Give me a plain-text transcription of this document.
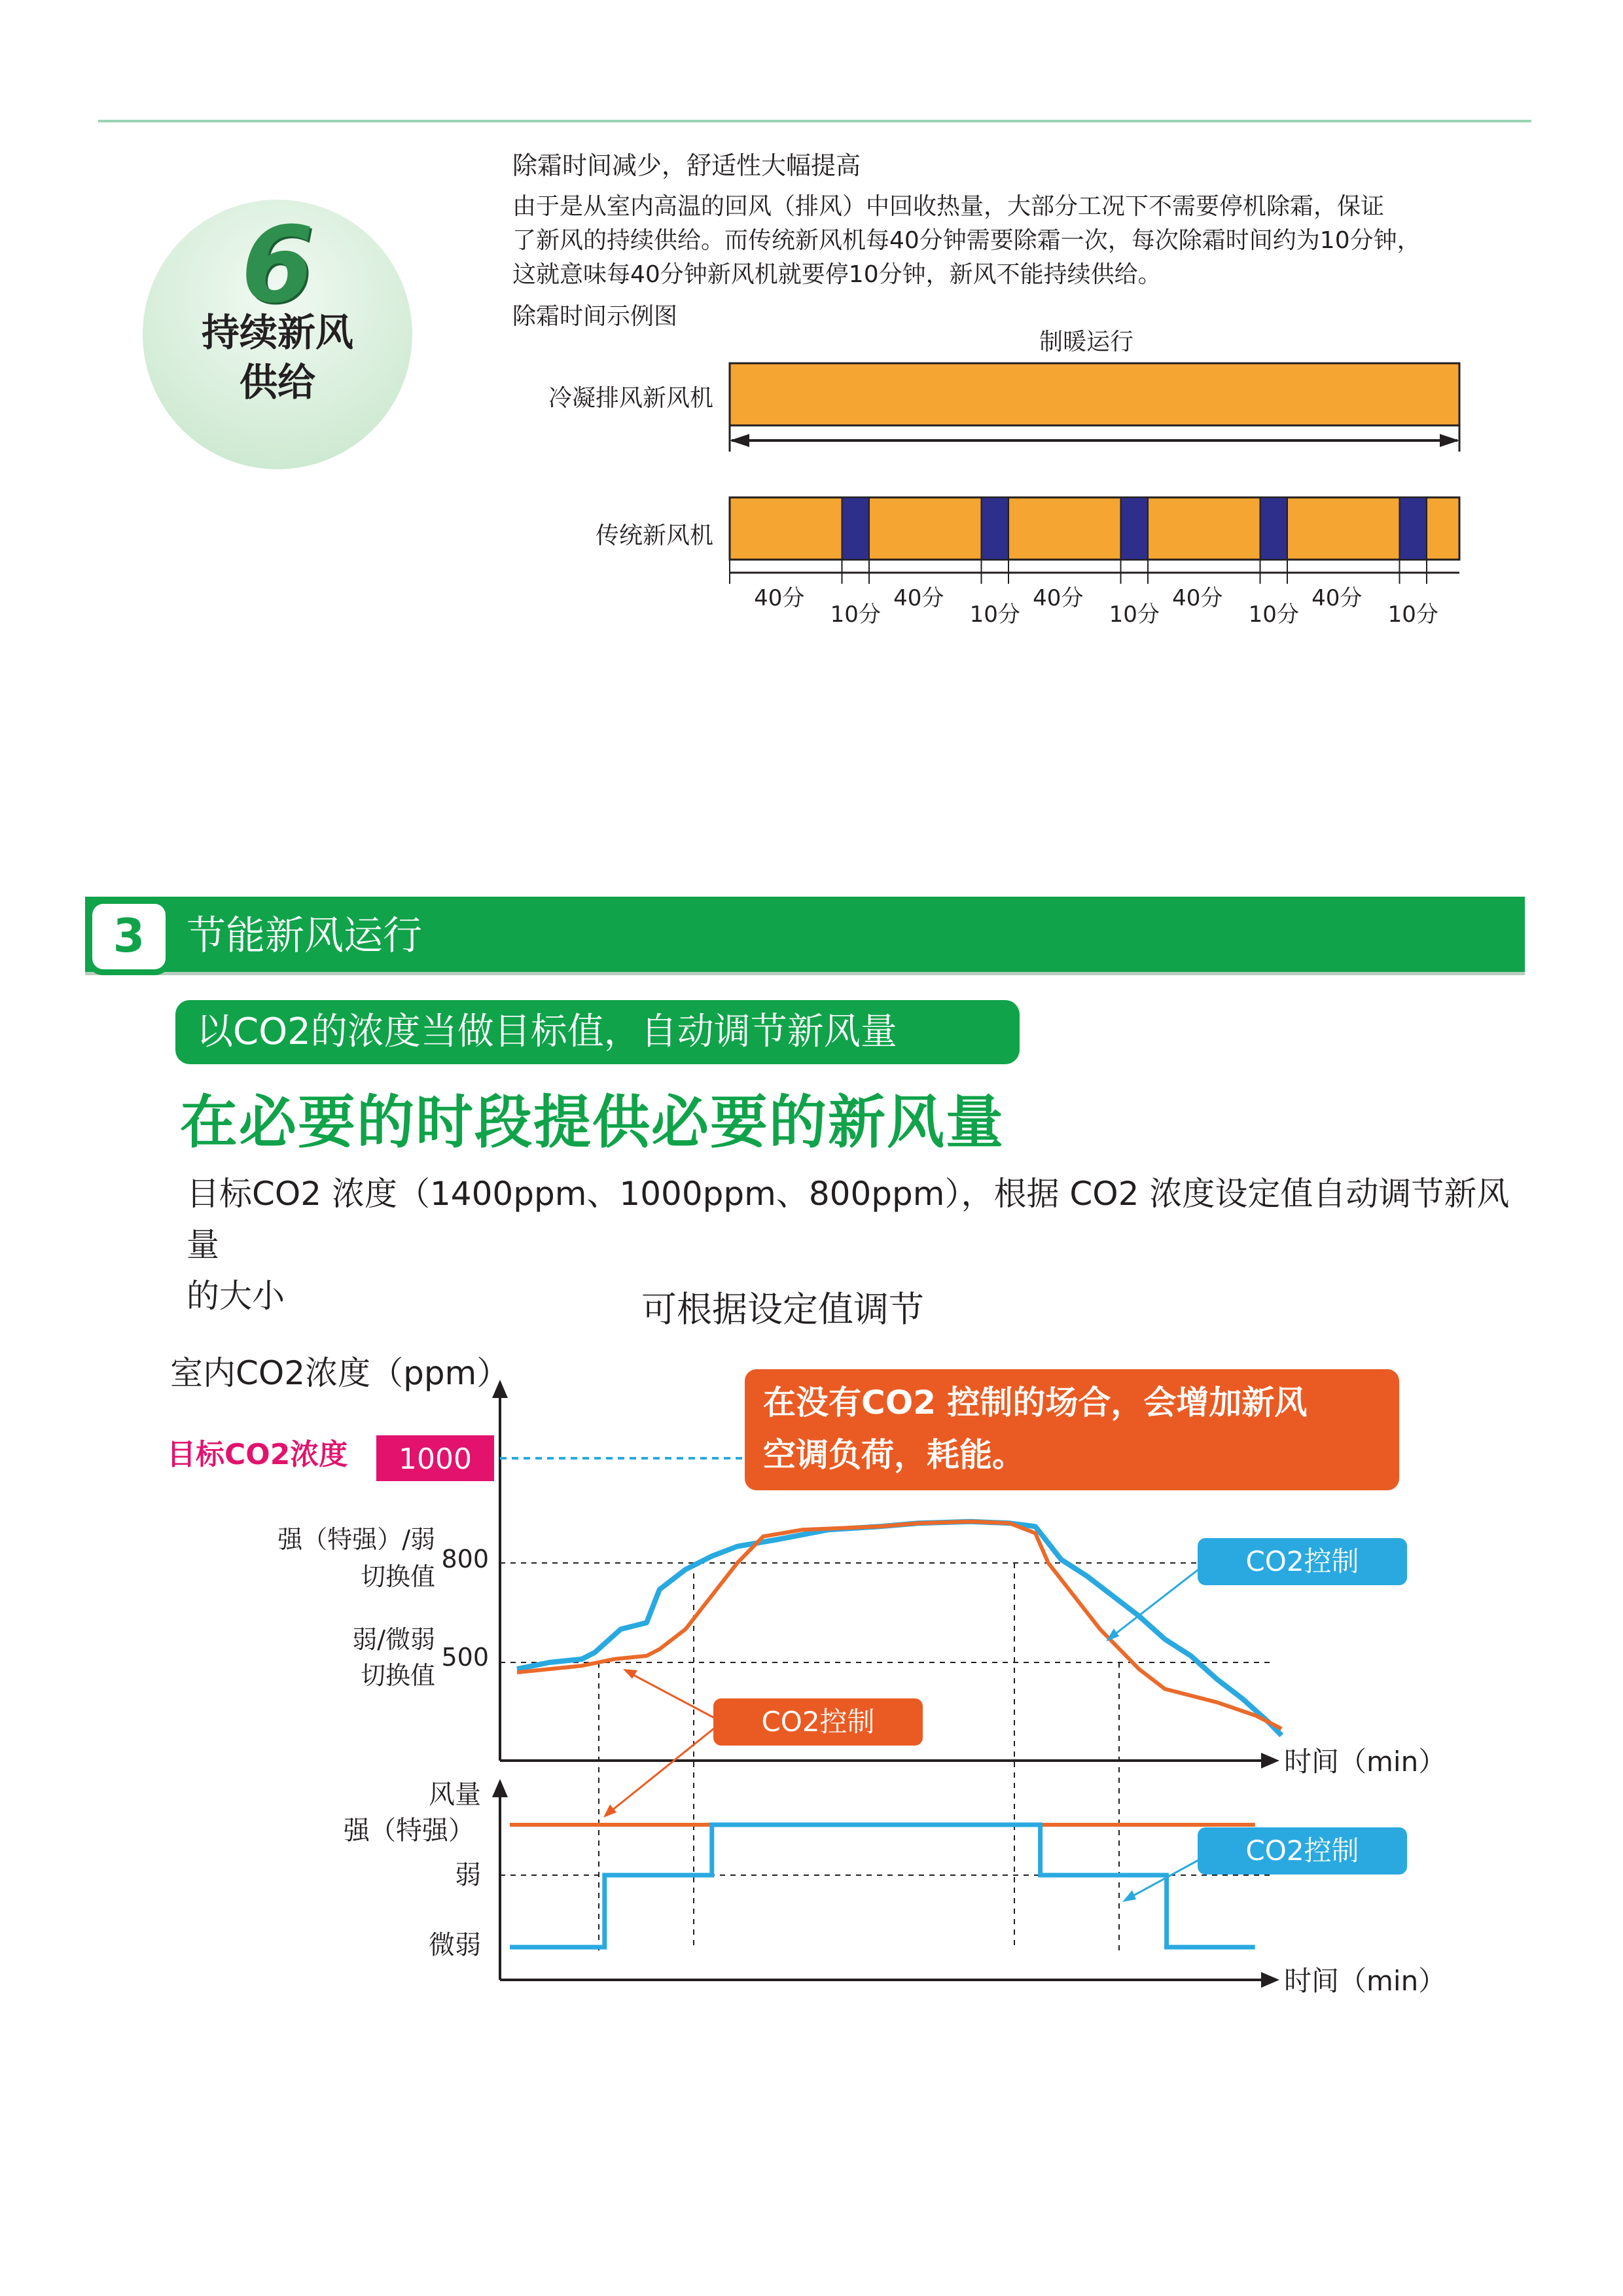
6
持续新风
供给
除霜时间减少，舒适性大幅提高
由于是从室内高温的回风（排风）中回收热量，大部分工况下不需要停机除霜，保证
了新风的持续供给。而传统新风机每40分钟需要除霜一次，每次除霜时间约为10分钟，
这就意味每40分钟新风机就要停10分钟，新风不能持续供给。
除霜时间示例图
制暖运行
冷凝排风新风机
传统新风机
40分
10分
40分
10分
40分
10分
40分
10分
40分
10分
3	节能新风运行
以CO2的浓度当做目标值，自动调节新风量
在必要的时段提供必要的新风量
目标CO2 浓度（1400ppm、1000ppm、800ppm），根据 CO2 浓度设定值自动调节新风量
的大小	可根据设定值调节
室内CO2浓度（ppm）
时间（min）
目标CO2浓度 1000
800
强（特强）/弱
切换值
500
弱/微弱
切换值
在没有CO2 控制的场合，会增加新风
空调负荷，耗能。
CO2控制
CO2控制
时间（min）
风量
强（特强）
弱
微弱
CO2控制
